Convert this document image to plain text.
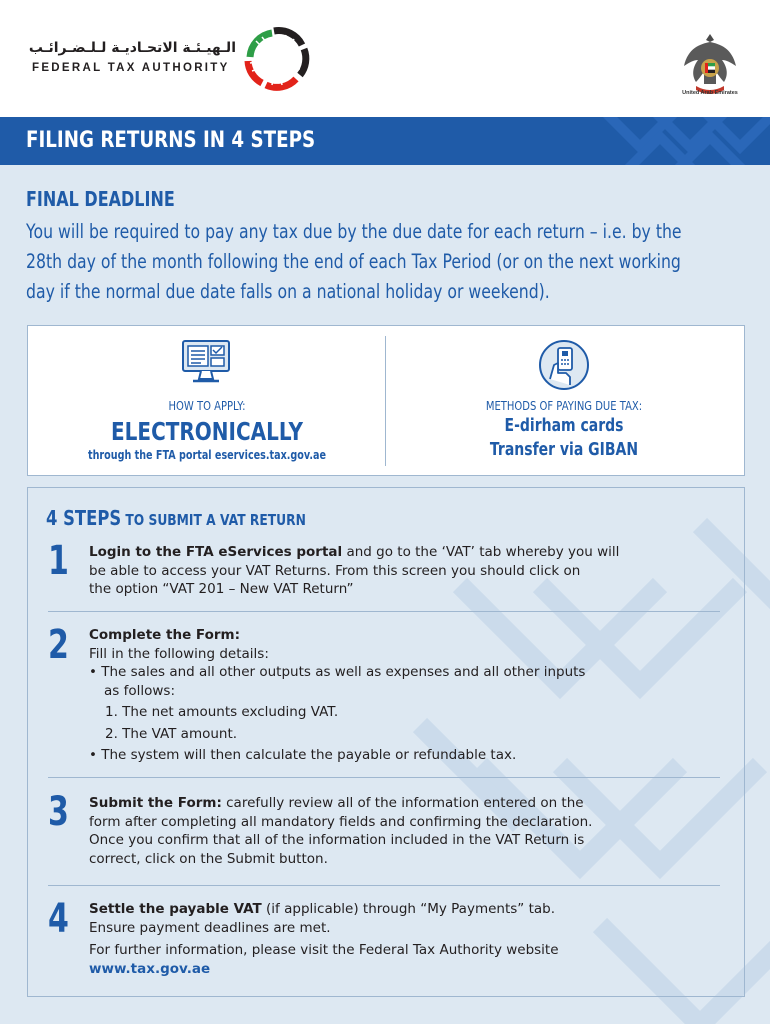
الـهيـئـة الاتحـاديـة لـلـضـرائـب
FEDERAL TAX AUTHORITY
United Arab Emirates
FILING RETURNS IN 4 STEPS
FINAL DEADLINE
You will be required to pay any tax due by the due date for each return – i.e. by the
28th day of the month following the end of each Tax Period (or on the next working
day if the normal due date falls on a national holiday or weekend).
HOW TO APPLY:
ELECTRONICALLY
through the FTA portal eservices.tax.gov.ae
METHODS OF PAYING DUE TAX:
E-dirham cards
Transfer via GIBAN
4 STEPS TO SUBMIT A VAT RETURN
1 Login to the FTA eServices portal and go to the ‘VAT’ tab whereby you will
be able to access your VAT Returns. From this screen you should click on
the option “VAT 201 – New VAT Return”
2 Complete the Form:
Fill in the following details:
• The sales and all other outputs as well as expenses and all other inputs
as follows:
1. The net amounts excluding VAT.
2. The VAT amount.
• The system will then calculate the payable or refundable tax.
3 Submit the Form: carefully review all of the information entered on the
form after completing all mandatory fields and confirming the declaration.
Once you confirm that all of the information included in the VAT Return is
correct, click on the Submit button.
4 Settle the payable VAT (if applicable) through “My Payments” tab.
Ensure payment deadlines are met.
For further information, please visit the Federal Tax Authority website
www.tax.gov.ae
